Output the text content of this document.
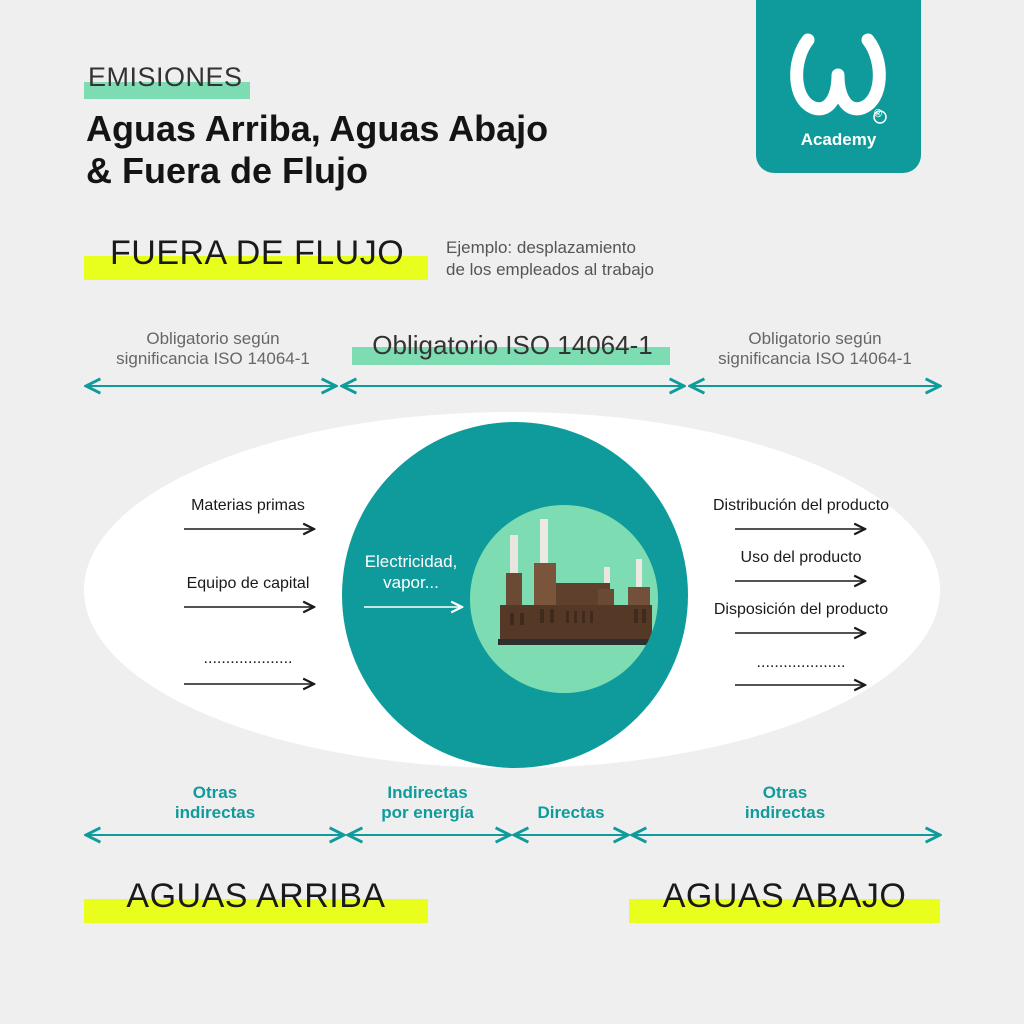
EMISIONES
Aguas Arriba, Aguas Abajo
& Fuera de Flujo
®
Academy
FUERA DE FLUJO Ejemplo: desplazamiento
de los empleados al trabajo
Obligatorio según
significancia ISO 14064-1	Obligatorio ISO 14064-1	Obligatorio según
significancia ISO 14064-1
Materias primas
Equipo de capital
....................
Electricidad,
vapor...
Distribución del producto
Uso del producto
Disposición del producto
....................
Otras
indirectas
Indirectas
por energía	Directas
Otras
indirectas
AGUAS ARRIBA	AGUAS ABAJO
